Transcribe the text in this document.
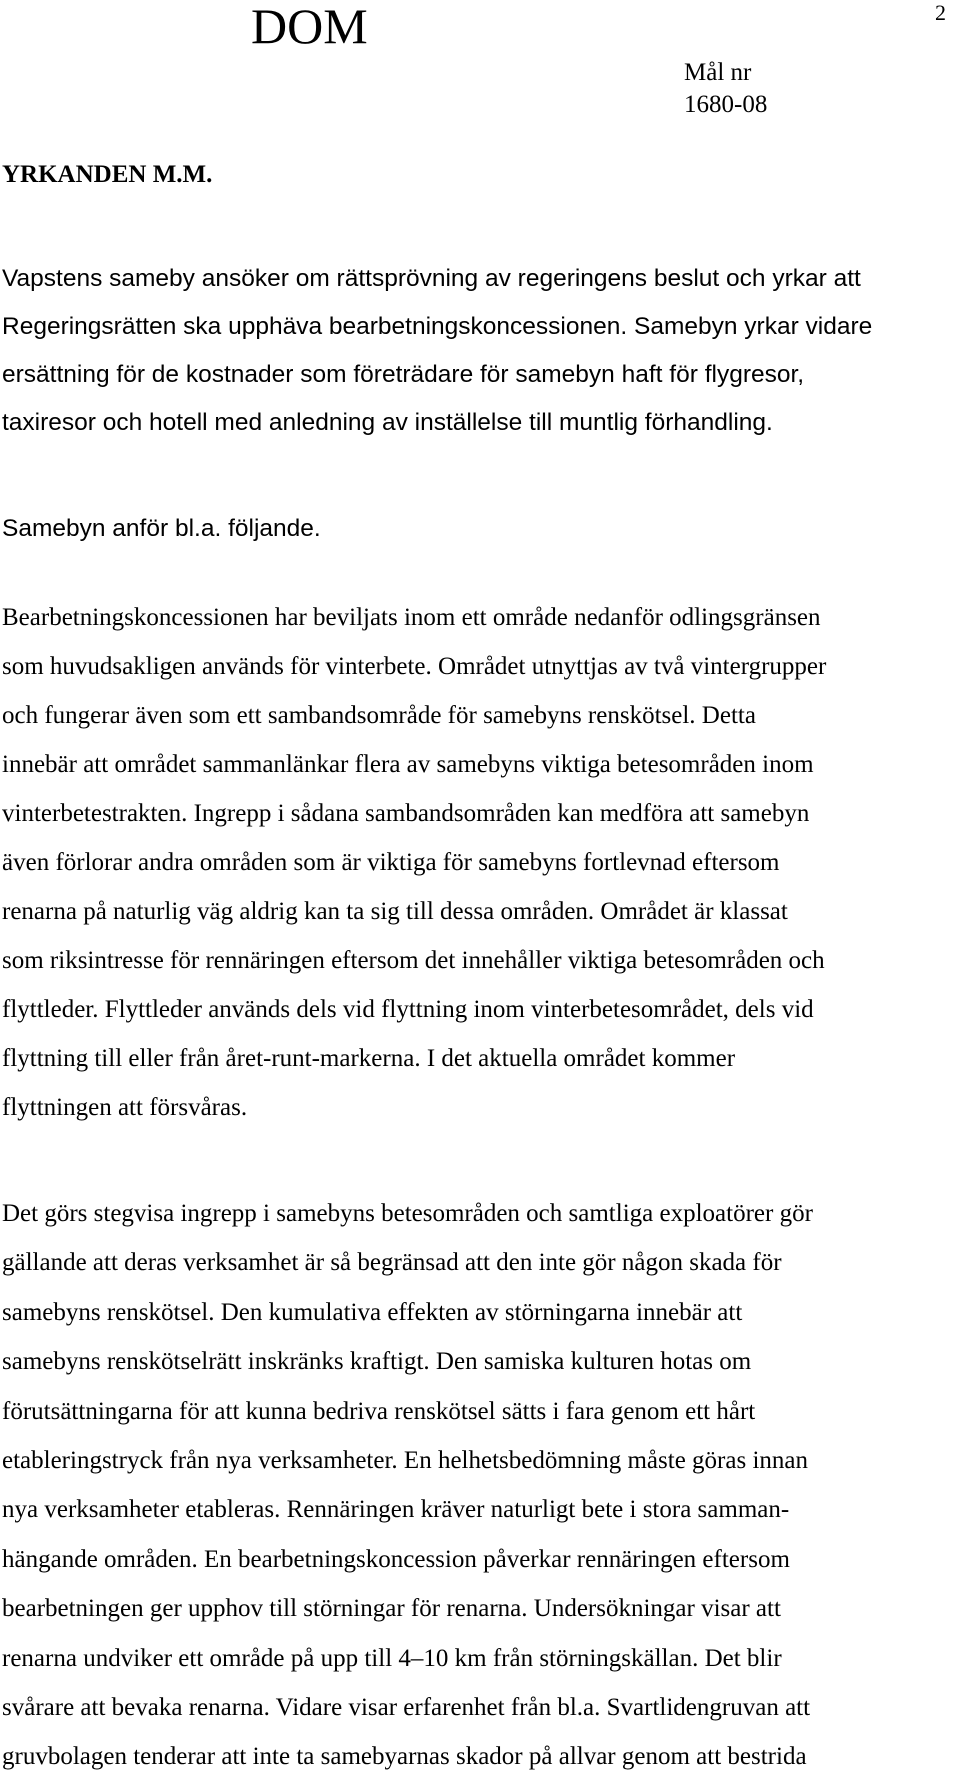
DOM	2
Mål nr
1680-08
YRKANDEN M.M.

Vapstens sameby ansöker om rättsprövning av regeringens beslut och yrkar att
Regeringsrätten ska upphäva bearbetningskoncessionen. Samebyn yrkar vidare
ersättning för de kostnader som företrädare för samebyn haft för flygresor,
taxiresor och hotell med anledning av inställelse till muntlig förhandling.

Samebyn anför bl.a. följande.

Bearbetningskoncessionen har beviljats inom ett område nedanför odlingsgränsen
som huvudsakligen används för vinterbete. Området utnyttjas av två vintergrupper
och fungerar även som ett sambandsområde för samebyns renskötsel. Detta
innebär att området sammanlänkar flera av samebyns viktiga betesområden inom
vinterbetestrakten. Ingrepp i sådana sambandsområden kan medföra att samebyn
även förlorar andra områden som är viktiga för samebyns fortlevnad eftersom
renarna på naturlig väg aldrig kan ta sig till dessa områden. Området är klassat
som riksintresse för rennäringen eftersom det innehåller viktiga betesområden och
flyttleder. Flyttleder används dels vid flyttning inom vinterbetesområdet, dels vid
flyttning till eller från året-runt-markerna. I det aktuella området kommer
flyttningen att försvåras.

Det görs stegvisa ingrepp i samebyns betesområden och samtliga exploatörer gör
gällande att deras verksamhet är så begränsad att den inte gör någon skada för
samebyns renskötsel. Den kumulativa effekten av störningarna innebär att
samebyns renskötselrätt inskränks kraftigt. Den samiska kulturen hotas om
förutsättningarna för att kunna bedriva renskötsel sätts i fara genom ett hårt
etableringstryck från nya verksamheter. En helhetsbedömning måste göras innan
nya verksamheter etableras. Rennäringen kräver naturligt bete i stora samman-
hängande områden. En bearbetningskoncession påverkar rennäringen eftersom
bearbetningen ger upphov till störningar för renarna. Undersökningar visar att
renarna undviker ett område på upp till 4–10 km från störningskällan. Det blir
svårare att bevaka renarna. Vidare visar erfarenhet från bl.a. Svartlidengruvan att
gruvbolagen tenderar att inte ta samebyarnas skador på allvar genom att bestrida
